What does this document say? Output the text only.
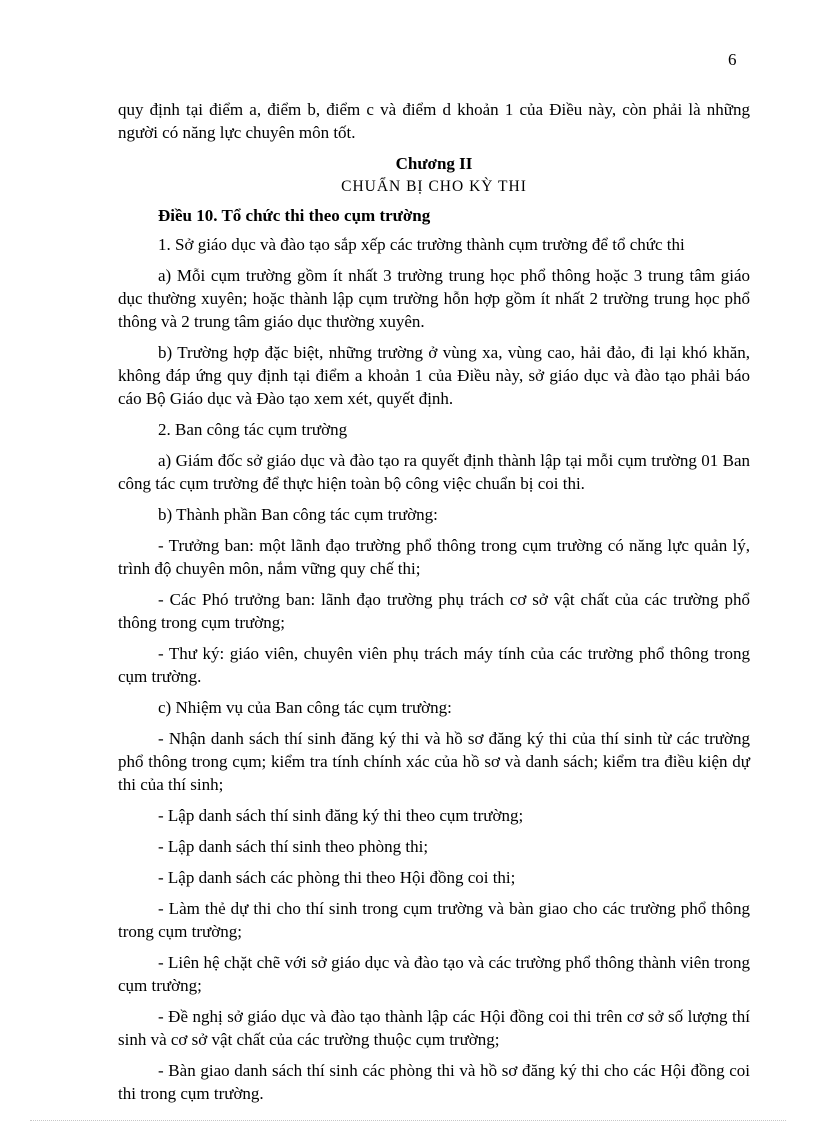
6

quy định tại điểm a, điểm b, điểm c và điểm d khoản 1 của Điều này, còn phải là những người có năng lực chuyên môn tốt.

Chương II

CHUẨN BỊ CHO KỲ THI

Điều 10. Tổ chức thi theo cụm trường

1. Sở giáo dục và đào tạo sắp xếp các trường thành cụm trường để tổ chức thi

a) Mỗi cụm trường gồm ít nhất 3 trường trung học phổ thông hoặc 3 trung tâm giáo dục thường xuyên; hoặc thành lập cụm trường hỗn hợp gồm ít nhất 2 trường trung học phổ thông và 2 trung tâm giáo dục thường xuyên.

b) Trường hợp đặc biệt, những trường ở vùng xa, vùng cao, hải đảo, đi lại khó khăn, không đáp ứng quy định tại điểm a khoản 1 của Điều này, sở giáo dục và đào tạo phải báo cáo Bộ Giáo dục và Đào tạo xem xét, quyết định.

2. Ban công tác cụm trường

a) Giám đốc sở giáo dục và đào tạo ra quyết định thành lập tại mỗi cụm trường 01 Ban công tác cụm trường để thực hiện toàn bộ công việc chuẩn bị coi thi.

b) Thành phần Ban công tác cụm trường:

- Trưởng ban: một lãnh đạo trường phổ thông trong cụm trường có năng lực quản lý, trình độ chuyên môn, nắm vững quy chế thi;

- Các Phó trưởng ban: lãnh đạo trường phụ trách cơ sở vật chất của các trường phổ thông trong cụm trường;

- Thư ký: giáo viên, chuyên viên phụ trách máy tính của các trường phổ thông trong cụm trường.

c) Nhiệm vụ của Ban công tác cụm trường:

- Nhận danh sách thí sinh đăng ký thi và hồ sơ đăng ký thi của thí sinh từ các trường phổ thông trong cụm; kiểm tra tính chính xác của hồ sơ và danh sách; kiểm tra điều kiện dự thi của thí sinh;

- Lập danh sách thí sinh đăng ký thi theo cụm trường;

- Lập danh sách thí sinh theo phòng thi;

- Lập danh sách các phòng thi theo Hội đồng coi thi;

- Làm thẻ dự thi cho thí sinh trong cụm trường và bàn giao cho các trường phổ thông trong cụm trường;

- Liên hệ chặt chẽ với sở giáo dục và đào tạo và các trường phổ thông thành viên trong cụm trường;

- Đề nghị sở giáo dục và đào tạo thành lập các Hội đồng coi thi trên cơ sở số lượng thí sinh và cơ sở vật chất của các trường thuộc cụm trường;

- Bàn giao danh sách thí sinh các phòng thi và hồ sơ đăng ký thi cho các Hội đồng coi thi trong cụm trường.
